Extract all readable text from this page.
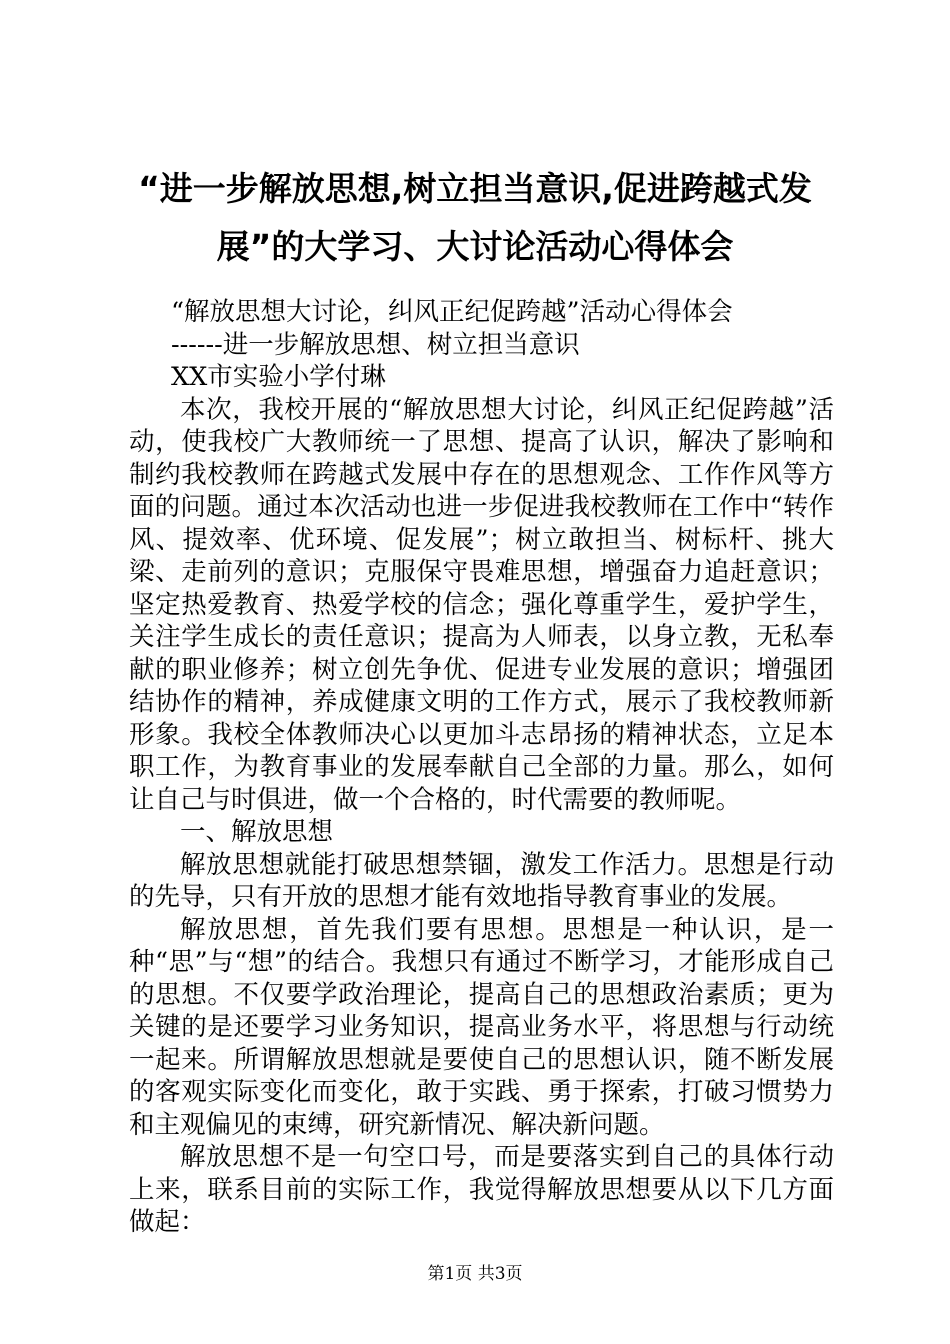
“进一步解放思想,树立担当意识,促进跨越式发展”的大学习、大讨论活动心得体会

“解放思想大讨论，纠风正纪促跨越”活动心得体会

------进一步解放思想、树立担当意识

XX市实验小学付琳

本次，我校开展的“解放思想大讨论，纠风正纪促跨越”活动，使我校广大教师统一了思想、提高了认识，解决了影响和制约我校教师在跨越式发展中存在的思想观念、工作作风等方面的问题。通过本次活动也进一步促进我校教师在工作中“转作风、提效率、优环境、促发展”；树立敢担当、树标杆、挑大梁、走前列的意识；克服保守畏难思想，增强奋力追赶意识；坚定热爱教育、热爱学校的信念；强化尊重学生，爱护学生，关注学生成长的责任意识；提高为人师表，以身立教，无私奉献的职业修养；树立创先争优、促进专业发展的意识；增强团结协作的精神，养成健康文明的工作方式，展示了我校教师新形象。我校全体教师决心以更加斗志昂扬的精神状态，立足本职工作，为教育事业的发展奉献自己全部的力量。那么，如何让自己与时俱进，做一个合格的，时代需要的教师呢。

一、解放思想

解放思想就能打破思想禁锢，激发工作活力。思想是行动的先导，只有开放的思想才能有效地指导教育事业的发展。

解放思想，首先我们要有思想。思想是一种认识，是一种“思”与“想”的结合。我想只有通过不断学习，才能形成自己的思想。不仅要学政治理论，提高自己的思想政治素质；更为关键的是还要学习业务知识，提高业务水平，将思想与行动统一起来。所谓解放思想就是要使自己的思想认识，随不断发展的客观实际变化而变化，敢于实践、勇于探索，打破习惯势力和主观偏见的束缚，研究新情况、解决新问题。

解放思想不是一句空口号，而是要落实到自己的具体行动上来，联系目前的实际工作，我觉得解放思想要从以下几方面做起：

第1页 共3页
